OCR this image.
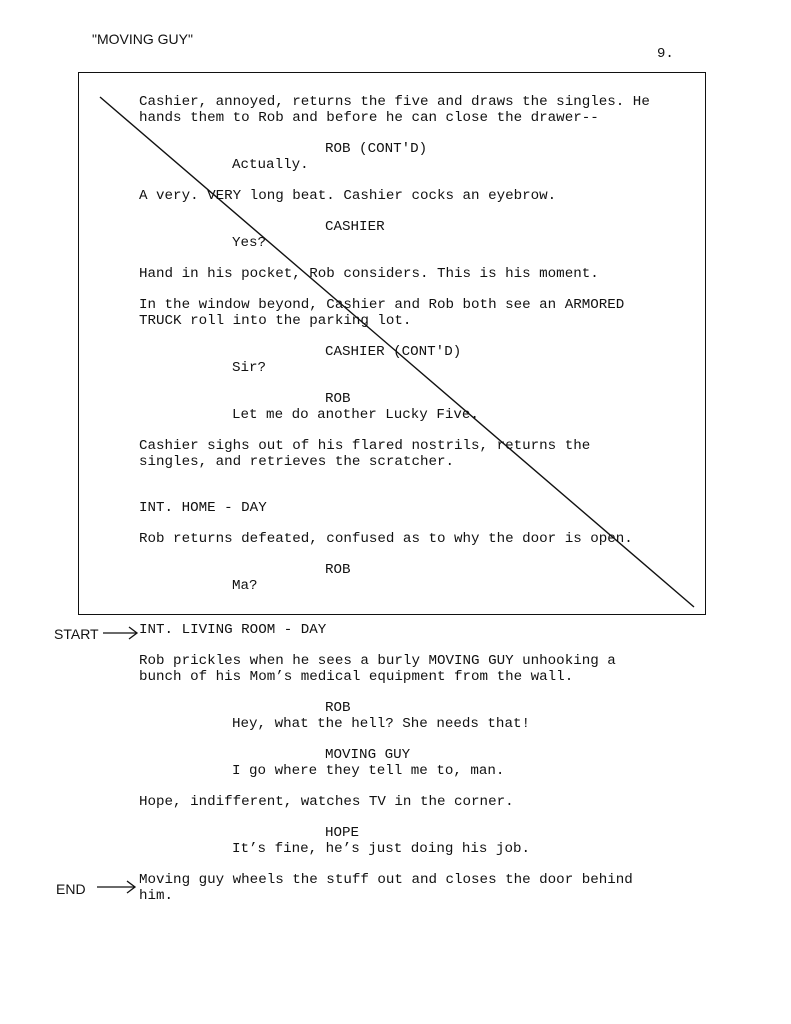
"MOVING GUY"
9.
Cashier, annoyed, returns the five and draws the singles. He
hands them to Rob and before he can close the drawer--
ROB (CONT'D)
Actually.
A very. VERY long beat. Cashier cocks an eyebrow.
CASHIER
Yes?
Hand in his pocket, Rob considers. This is his moment.
In the window beyond, Cashier and Rob both see an ARMORED
TRUCK roll into the parking lot.
CASHIER (CONT'D)
Sir?
ROB
Let me do another Lucky Five.
Cashier sighs out of his flared nostrils, returns the
singles, and retrieves the scratcher.
INT. HOME - DAY
Rob returns defeated, confused as to why the door is open.
ROB
Ma?
START	INT. LIVING ROOM - DAY
Rob prickles when he sees a burly MOVING GUY unhooking a
bunch of his Mom’s medical equipment from the wall.
ROB
Hey, what the hell? She needs that!
MOVING GUY
I go where they tell me to, man.
Hope, indifferent, watches TV in the corner.
HOPE
It’s fine, he’s just doing his job.
Moving guy wheels the stuff out and closes the door behind
him.
END
